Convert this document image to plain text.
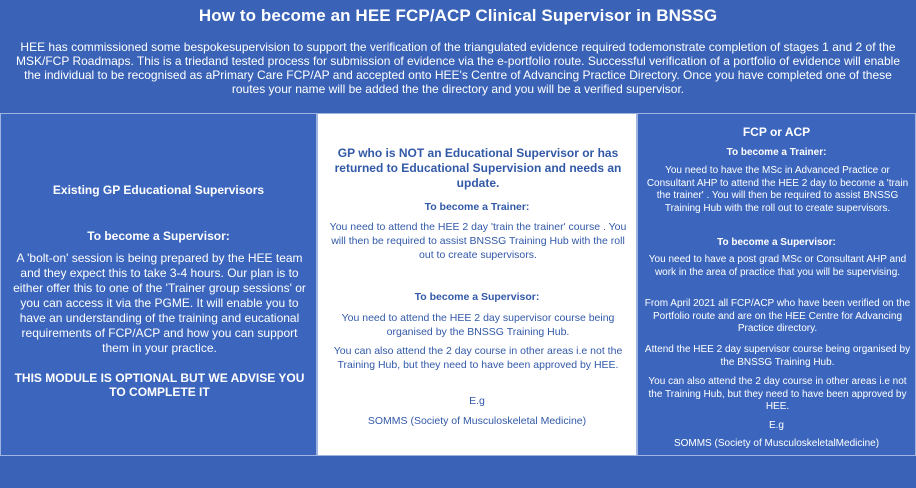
How to become an HEE FCP/ACP Clinical Supervisor in BNSSG
HEE has commissioned some bespokesupervision to support the verification of the triangulated evidence required todemonstrate completion of stages 1 and 2 of the MSK/FCP Roadmaps. This is a triedand tested process for submission of evidence via the e-portfolio route. Successful verification of a portfolio of evidence will enable the individual to be recognised as aPrimary Care FCP/AP and accepted onto HEE's Centre of Advancing Practice Directory. Once you have completed one of these routes your name will be added the the directory and you will be a verified supervisor.

Existing GP Educational Supervisors

To become a Supervisor:

A 'bolt-on' session is being prepared by the HEE team and they expect this to take 3-4 hours. Our plan is to either offer this to one of the 'Trainer group sessions' or you can access it via the PGME. It will enable you to have an understanding of the training and eucational requirements of FCP/ACP and how you can support them in your practice.

THIS MODULE IS OPTIONAL BUT WE ADVISE YOU TO COMPLETE IT

GP who is NOT an Educational Supervisor or has returned to Educational Supervision and needs an update.

To become a Trainer:

You need to attend the HEE 2 day 'train the trainer' course . You will then be required to assist BNSSG Training Hub with the roll out to create supervisors.

To become a Supervisor:

You need to attend the HEE 2 day supervisor course being organised by the BNSSG Training Hub.

You can also attend the 2 day course in other areas i.e not the Training Hub, but they need to have been approved by HEE.

E.g

SOMMS (Society of Musculoskeletal Medicine)

FCP or ACP

To become a Trainer:

You need to have the MSc in Advanced Practice or Consultant AHP to attend the HEE 2 day to become a 'train the trainer' . You will then be required to assist BNSSG Training Hub with the roll out to create supervisors.

To become a Supervisor:

You need to have a post grad MSc or Consultant AHP and work in the area of practice that you will be supervising.

From April 2021 all FCP/ACP who have been verified on the Portfolio route and are on the HEE Centre for Advancing Practice directory.

Attend the HEE 2 day supervisor course being organised by the BNSSG Training Hub.

You can also attend the 2 day course in other areas i.e not the Training Hub, but they need to have been approved by HEE.

E.g

SOMMS (Society of MusculoskeletalMedicine)
